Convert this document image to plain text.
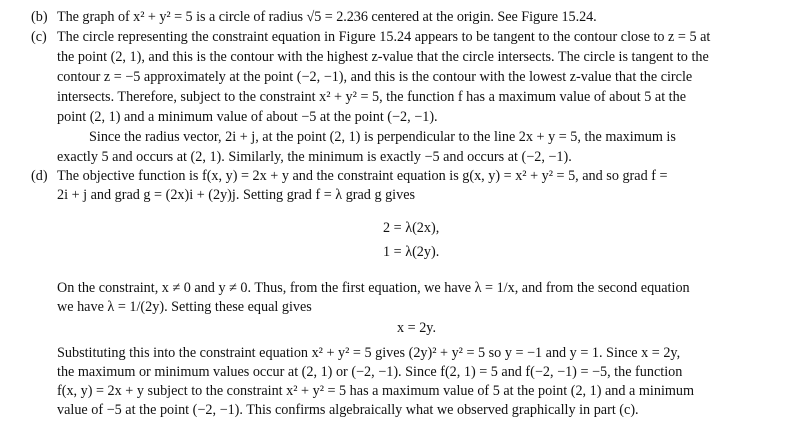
(b) The graph of x² + y² = 5 is a circle of radius √5 = 2.236 centered at the origin. See Figure 15.24.
(c) The circle representing the constraint equation in Figure 15.24 appears to be tangent to the contour close to z = 5 at
the point (2, 1), and this is the contour with the highest z-value that the circle intersects. The circle is tangent to the
contour z = −5 approximately at the point (−2, −1), and this is the contour with the lowest z-value that the circle
intersects. Therefore, subject to the constraint x² + y² = 5, the function f has a maximum value of about 5 at the
point (2, 1) and a minimum value of about −5 at the point (−2, −1).
Since the radius vector, 2i + j, at the point (2, 1) is perpendicular to the line 2x + y = 5, the maximum is
exactly 5 and occurs at (2, 1). Similarly, the minimum is exactly −5 and occurs at (−2, −1).
(d) The objective function is f(x, y) = 2x + y and the constraint equation is g(x, y) = x² + y² = 5, and so grad f =
2i + j and grad g = (2x)i + (2y)j. Setting grad f = λ grad g gives
2 = λ(2x),
1 = λ(2y).
On the constraint, x ≠ 0 and y ≠ 0. Thus, from the first equation, we have λ = 1/x, and from the second equation
we have λ = 1/(2y). Setting these equal gives
x = 2y.
Substituting this into the constraint equation x² + y² = 5 gives (2y)² + y² = 5 so y = −1 and y = 1. Since x = 2y,
the maximum or minimum values occur at (2, 1) or (−2, −1). Since f(2, 1) = 5 and f(−2, −1) = −5, the function
f(x, y) = 2x + y subject to the constraint x² + y² = 5 has a maximum value of 5 at the point (2, 1) and a minimum
value of −5 at the point (−2, −1). This confirms algebraically what we observed graphically in part (c).
